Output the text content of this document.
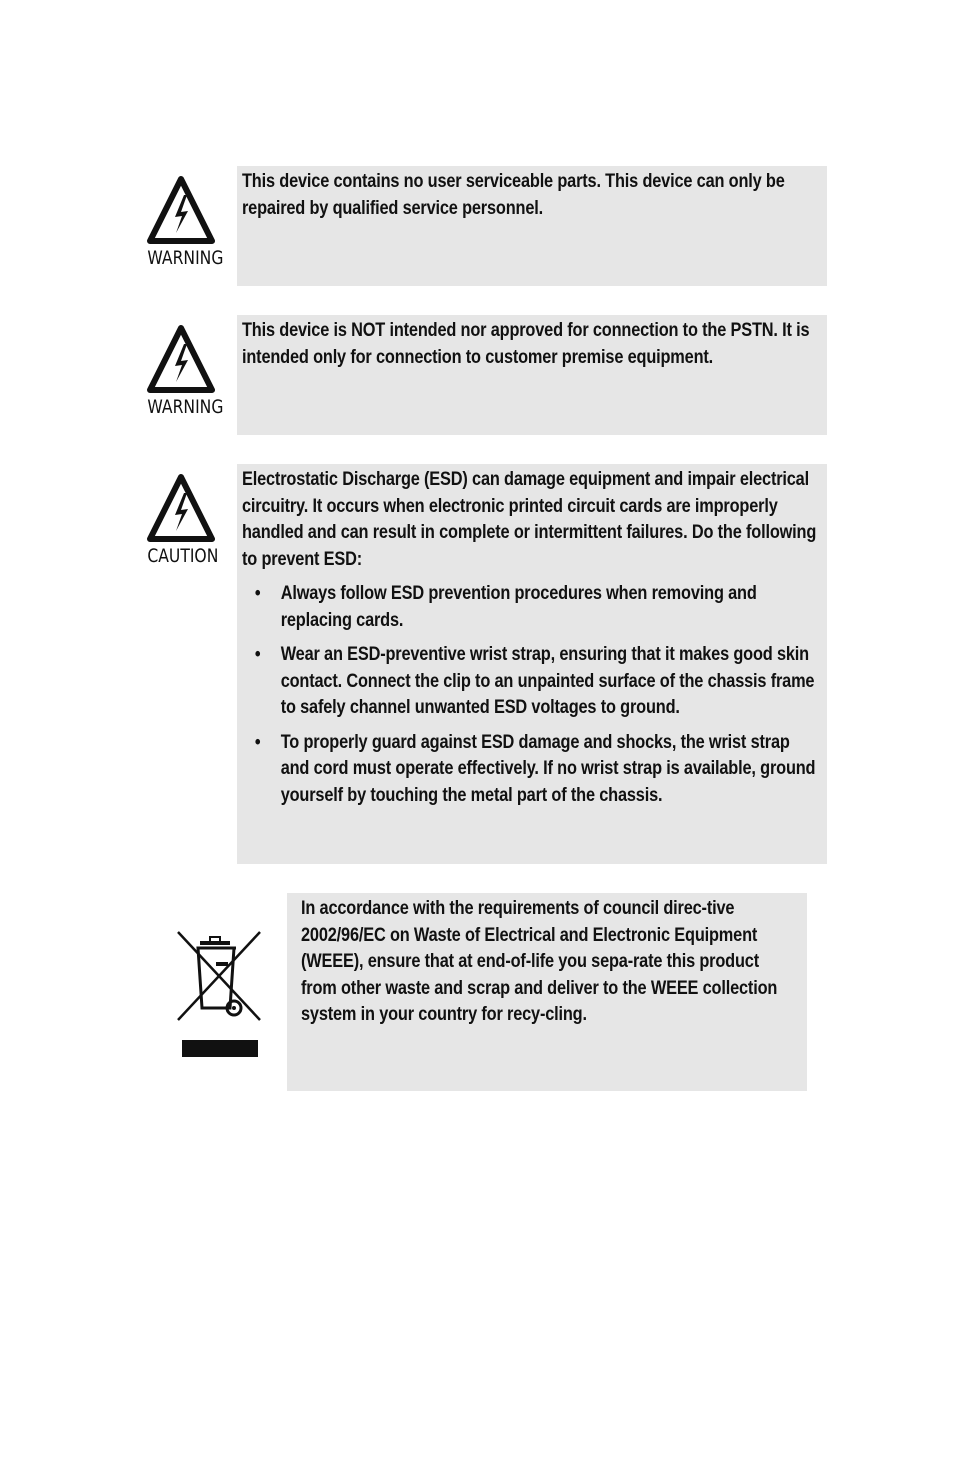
WARNING

This device contains no user serviceable parts. This device can only be repaired by qualified service personnel.

WARNING

This device is NOT intended nor approved for connection to the PSTN. It is intended only for connection to customer premise equipment.

CAUTION

Electrostatic Discharge (ESD) can damage equipment and impair electrical circuitry. It occurs when electronic printed circuit cards are improperly handled and can result in complete or intermittent failures. Do the following to prevent ESD:

• Always follow ESD prevention procedures when removing and replacing cards.
• Wear an ESD-preventive wrist strap, ensuring that it makes good skin contact. Connect the clip to an unpainted surface of the chassis frame to safely channel unwanted ESD voltages to ground.
• To properly guard against ESD damage and shocks, the wrist strap and cord must operate effectively. If no wrist strap is available, ground yourself by touching the metal part of the chassis.

In accordance with the requirements of council direc-tive 2002/96/EC on Waste of Electrical and Electronic Equipment (WEEE), ensure that at end-of-life you sepa-rate this product from other waste and scrap and deliver to the WEEE collection system in your country for recy-cling.
